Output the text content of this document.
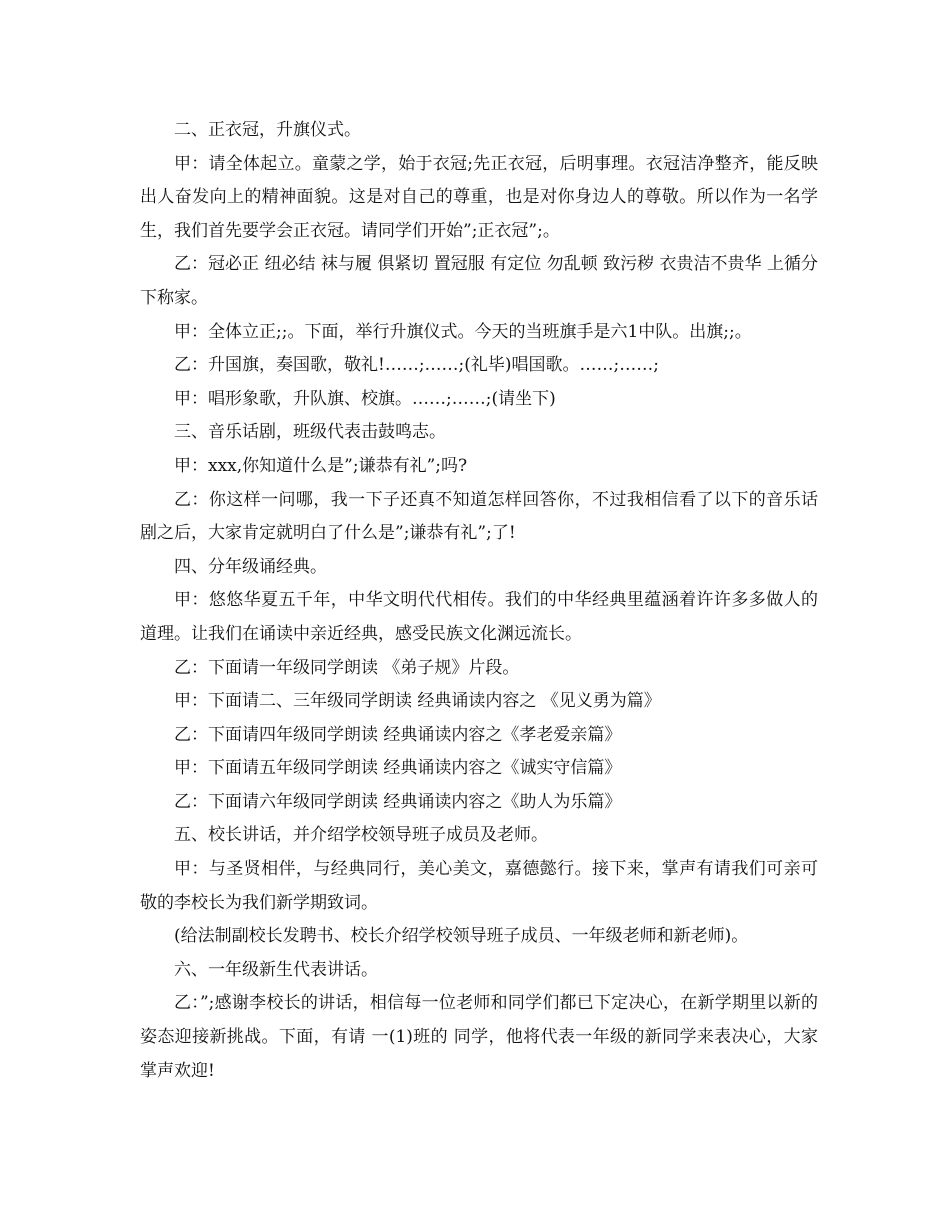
二、正衣冠，升旗仪式。

甲：请全体起立。童蒙之学，始于衣冠;先正衣冠，后明事理。衣冠洁净整齐，能反映出人奋发向上的精神面貌。这是对自己的尊重，也是对你身边人的尊敬。所以作为一名学生，我们首先要学会正衣冠。请同学们开始”;正衣冠”;。

乙：冠必正 纽必结 袜与履 俱紧切 置冠服 有定位 勿乱顿 致污秽 衣贵洁不贵华 上循分 下称家。

甲：全体立正;;。下面，举行升旗仪式。今天的当班旗手是六1中队。出旗;;。

乙：升国旗，奏国歌，敬礼!……;……;(礼毕)唱国歌。……;……;

甲：唱形象歌，升队旗、校旗。……;……;(请坐下)

三、音乐话剧，班级代表击鼓鸣志。

甲：xxx,你知道什么是”;谦恭有礼”;吗?

乙：你这样一问哪，我一下子还真不知道怎样回答你，不过我相信看了以下的音乐话剧之后，大家肯定就明白了什么是”;谦恭有礼”;了!

四、分年级诵经典。

甲：悠悠华夏五千年，中华文明代代相传。我们的中华经典里蕴涵着许许多多做人的道理。让我们在诵读中亲近经典，感受民族文化渊远流长。

乙：下面请一年级同学朗读 《弟子规》片段。

甲：下面请二、三年级同学朗读 经典诵读内容之 《见义勇为篇》

乙：下面请四年级同学朗读 经典诵读内容之《孝老爱亲篇》

甲：下面请五年级同学朗读 经典诵读内容之《诚实守信篇》

乙：下面请六年级同学朗读 经典诵读内容之《助人为乐篇》

五、校长讲话，并介绍学校领导班子成员及老师。

甲：与圣贤相伴，与经典同行，美心美文，嘉德懿行。接下来，掌声有请我们可亲可敬的李校长为我们新学期致词。

(给法制副校长发聘书、校长介绍学校领导班子成员、一年级老师和新老师)。

六、一年级新生代表讲话。

乙：”;感谢李校长的讲话，相信每一位老师和同学们都已下定决心，在新学期里以新的姿态迎接新挑战。下面，有请 一(1)班的 同学，他将代表一年级的新同学来表决心，大家掌声欢迎!
